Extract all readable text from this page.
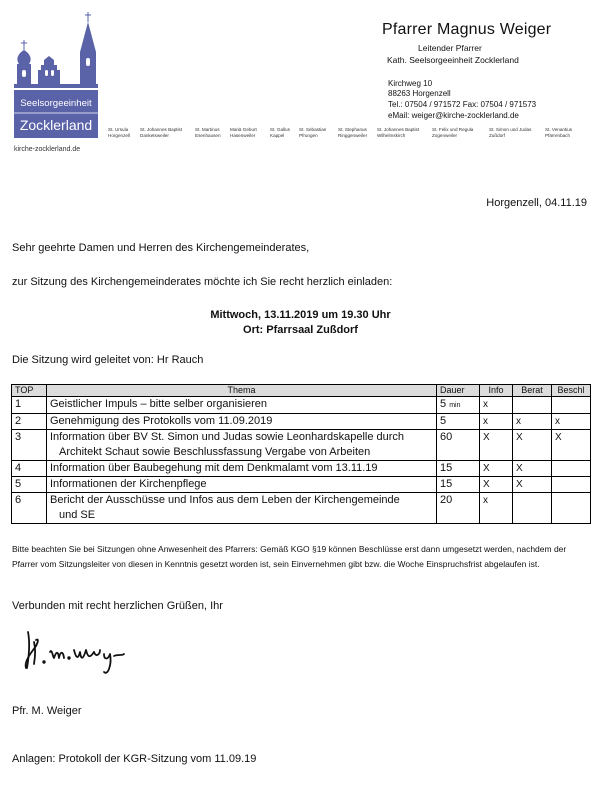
Seelsorgeeinheit
Zocklerland
kirche-zocklerland.de
St. Ursula
Horgenzell
St. Johannes Baptist
Danketsweiler
St. Martinus
Esenhausen
Mariä Geburt
Hasenweiler
St. Gallus
Kappel
St. Sebastian
Pfrungen
St. Stephanus
Ringgenweiler
St. Johannes Baptist
Wilhelmskirch
St. Felix und Regula
Zogenweiler
St. Simon und Judas
Zußdorf
St. Venantius
Pfärrenbach
Pfarrer Magnus Weiger
Leitender Pfarrer
Kath. Seelsorgeeinheit Zocklerland
Kirchweg 10
88263 Horgenzell
Tel.: 07504 / 971572 Fax: 07504 / 971573
eMail: weiger@kirche-zocklerland.de
Horgenzell, 04.11.19
Sehr geehrte Damen und Herren des Kirchengemeinderates,
zur Sitzung des Kirchengemeinderates möchte ich Sie recht herzlich einladen:
Mittwoch, 13.11.2019 um 19.30 Uhr
Ort: Pfarrsaal Zußdorf
Die Sitzung wird geleitet von: Hr Rauch
TOP	Thema	Dauer	Info	Berat	Beschl
1	Geistlicher Impuls – bitte selber organisieren	5 min	x		
2	Genehmigung des Protokolls vom 11.09.2019	5	x	x	x
3	Information über BV St. Simon und Judas sowie Leonhardskapelle durch
Architekt Schaut sowie Beschlussfassung Vergabe von Arbeiten	60	X	X	X
4	Information über Baubegehung mit dem Denkmalamt vom 13.11.19	15	X	X	
5	Informationen der Kirchenpflege	15	X	X	
6	Bericht der Ausschüsse und Infos aus dem Leben der Kirchengemeinde
und SE	20	x		
Bitte beachten Sie bei Sitzungen ohne Anwesenheit des Pfarrers: Gemäß KGO §19 können Beschlüsse erst dann umgesetzt werden, nachdem der Pfarrer vom Sitzungsleiter von diesen in Kenntnis gesetzt worden ist, sein Einvernehmen gibt bzw. die Woche Einspruchsfrist abgelaufen ist.
Verbunden mit recht herzlichen Grüßen, Ihr
Pfr. M. Weiger
Anlagen: Protokoll der KGR-Sitzung vom 11.09.19
